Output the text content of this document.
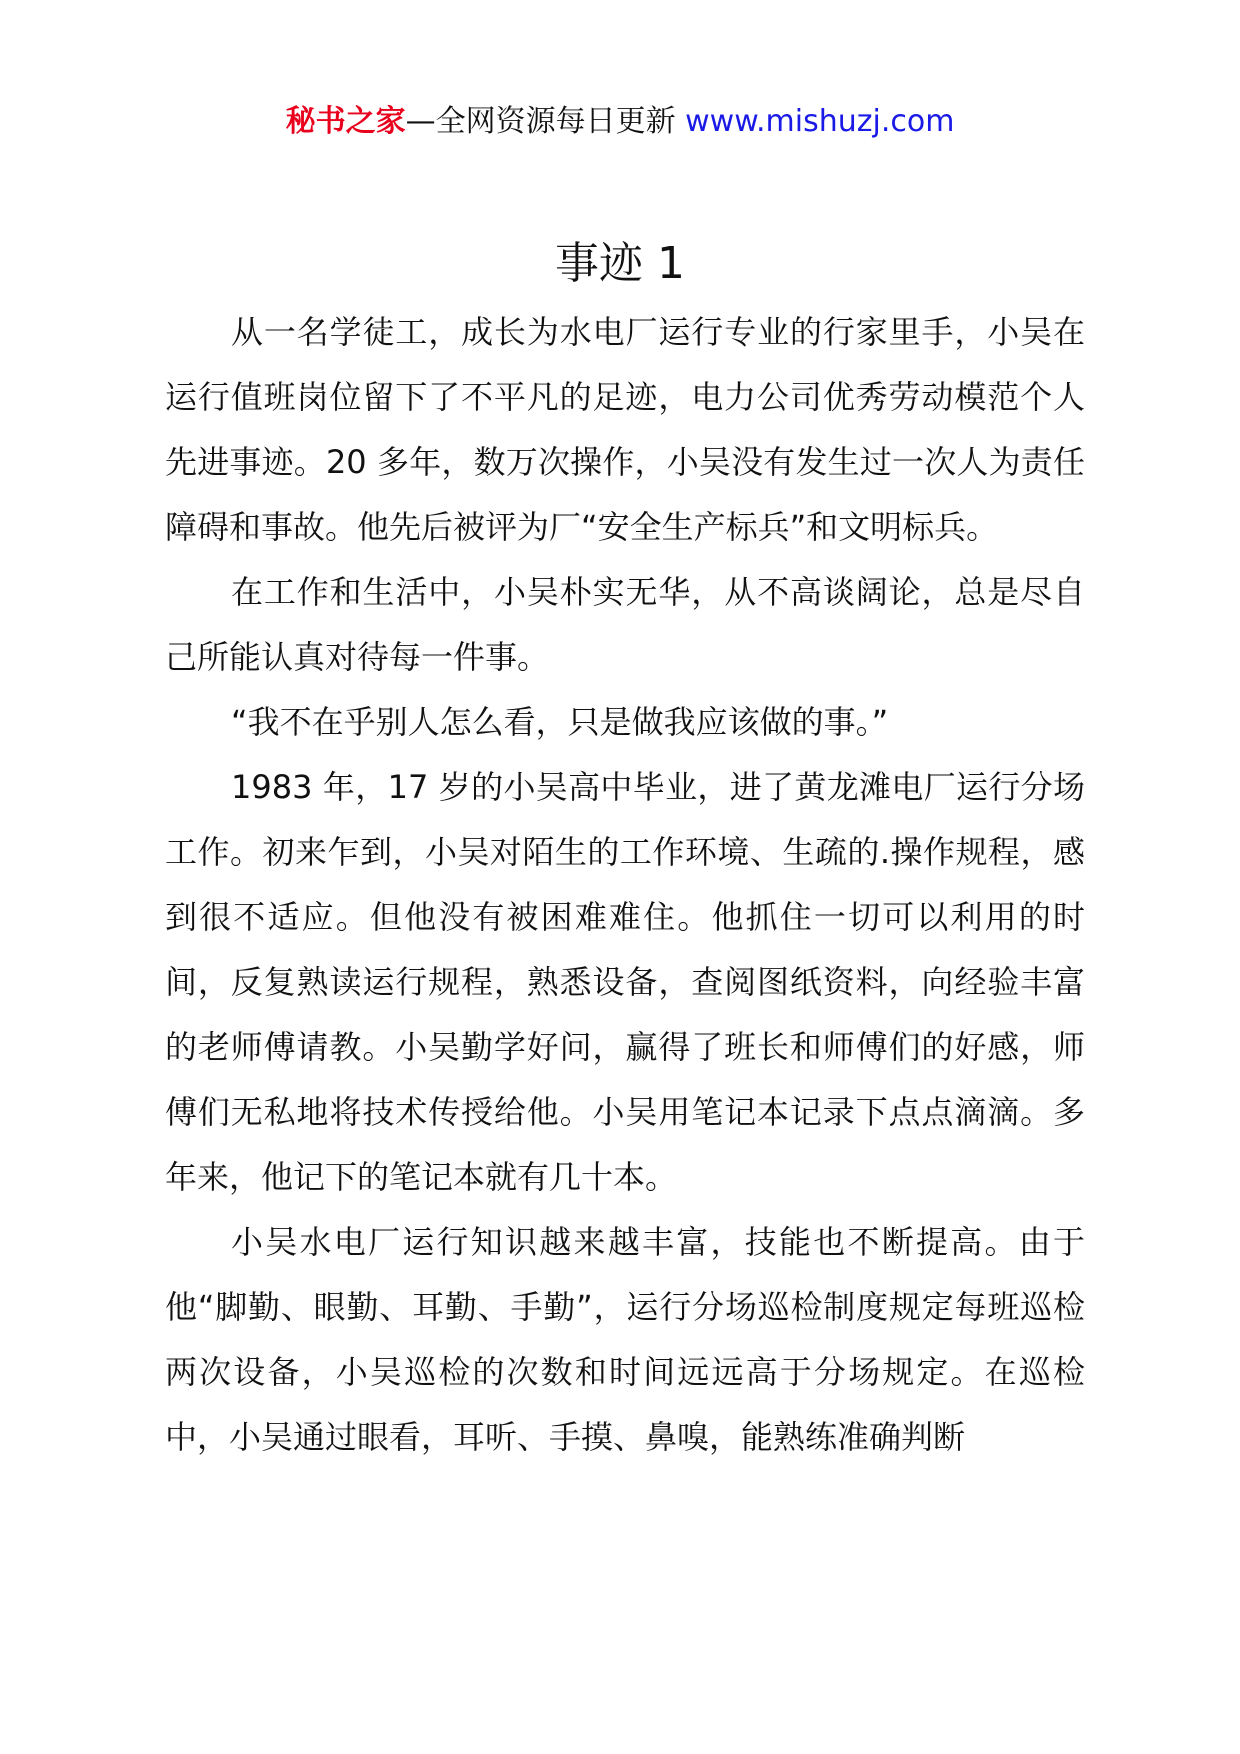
秘书之家—全网资源每日更新 www.mishuzj.com
事迹 1

从一名学徒工，成长为水电厂运行专业的行家里手，小吴在运行值班岗位留下了不平凡的足迹，电力公司优秀劳动模范个人先进事迹。20 多年，数万次操作，小吴没有发生过一次人为责任障碍和事故。他先后被评为厂“安全生产标兵”和文明标兵。

在工作和生活中，小吴朴实无华，从不高谈阔论，总是尽自己所能认真对待每一件事。

“我不在乎别人怎么看，只是做我应该做的事。”

1983 年，17 岁的小吴高中毕业，进了黄龙滩电厂运行分场工作。初来乍到，小吴对陌生的工作环境、生疏的.操作规程，感到很不适应。但他没有被困难难住。他抓住一切可以利用的时间，反复熟读运行规程，熟悉设备，查阅图纸资料，向经验丰富的老师傅请教。小吴勤学好问，赢得了班长和师傅们的好感，师傅们无私地将技术传授给他。小吴用笔记本记录下点点滴滴。多年来，他记下的笔记本就有几十本。

小吴水电厂运行知识越来越丰富，技能也不断提高。由于他“脚勤、眼勤、耳勤、手勤”，运行分场巡检制度规定每班巡检两次设备，小吴巡检的次数和时间远远高于分场规定。在巡检中，小吴通过眼看，耳听、手摸、鼻嗅，能熟练准确判断
